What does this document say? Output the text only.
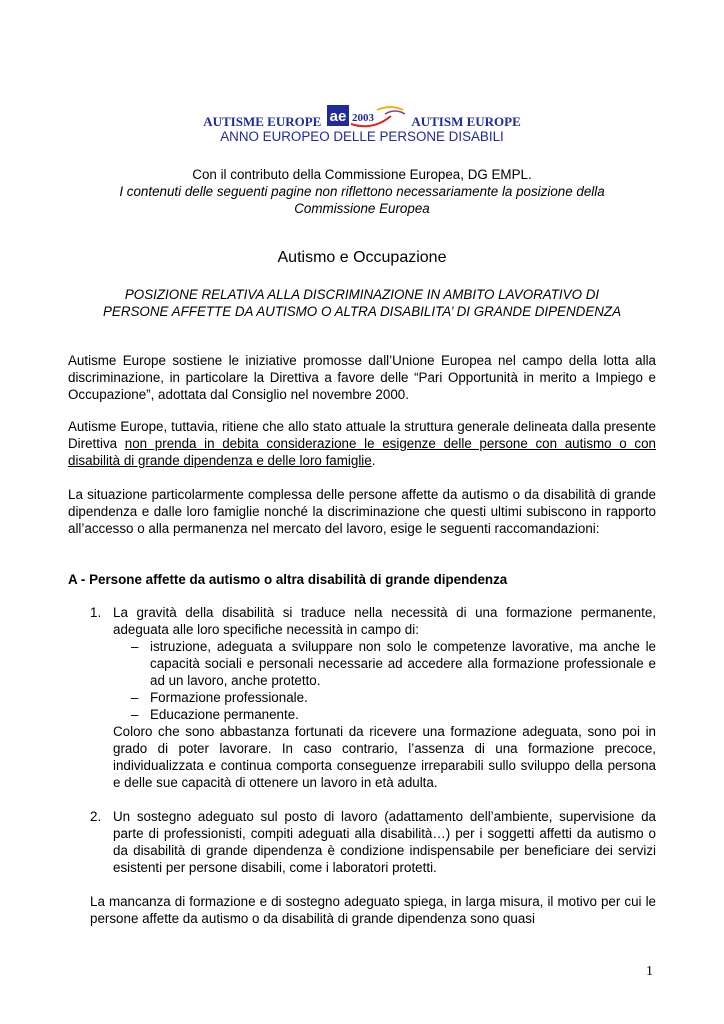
AUTISME EUROPE ae 2003	AUTISM EUROPE
ANNO EUROPEO DELLE PERSONE DISABILI
Con il contributo della Commissione Europea, DG EMPL.
I contenuti delle seguenti pagine non riflettono necessariamente la posizione della
Commissione Europea
Autismo e Occupazione
POSIZIONE RELATIVA ALLA DISCRIMINAZIONE IN AMBITO LAVORATIVO DI
PERSONE AFFETTE DA AUTISMO O ALTRA DISABILITA’ DI GRANDE DIPENDENZA
Autisme Europe sostiene le iniziative promosse dall’Unione Europea nel campo della lotta alla discriminazione, in particolare la Direttiva a favore delle “Pari Opportunità in merito a Impiego e Occupazione”, adottata dal Consiglio nel novembre 2000.
Autisme Europe, tuttavia, ritiene che allo stato attuale la struttura generale delineata dalla presente Direttiva non prenda in debita considerazione le esigenze delle persone con autismo o con disabilità di grande dipendenza e delle loro famiglie.
La situazione particolarmente complessa delle persone affette da autismo o da disabilità di grande dipendenza e dalle loro famiglie nonché la discriminazione che questi ultimi subiscono in rapporto all’accesso o alla permanenza nel mercato del lavoro, esige le seguenti raccomandazioni:
A - Persone affette da autismo o altra disabilità di grande dipendenza
1. La gravità della disabilità si traduce nella necessità di una formazione permanente, adeguata alle loro specifiche necessità in campo di:
– istruzione, adeguata a sviluppare non solo le competenze lavorative, ma anche le capacità sociali e personali necessarie ad accedere alla formazione professionale e ad un lavoro, anche protetto.
– Formazione professionale.
– Educazione permanente.
Coloro che sono abbastanza fortunati da ricevere una formazione adeguata, sono poi in grado di poter lavorare. In caso contrario, l’assenza di una formazione precoce, individualizzata e continua comporta conseguenze irreparabili sullo sviluppo della persona e delle sue capacità di ottenere un lavoro in età adulta.
2. Un sostegno adeguato sul posto di lavoro (adattamento dell’ambiente, supervisione da parte di professionisti, compiti adeguati alla disabilità…) per i soggetti affetti da autismo o da disabilità di grande dipendenza è condizione indispensabile per beneficiare dei servizi esistenti per persone disabili, come i laboratori protetti.
La mancanza di formazione e di sostegno adeguato spiega, in larga misura, il motivo per cui le persone affette da autismo o da disabilità di grande dipendenza sono quasi
1
